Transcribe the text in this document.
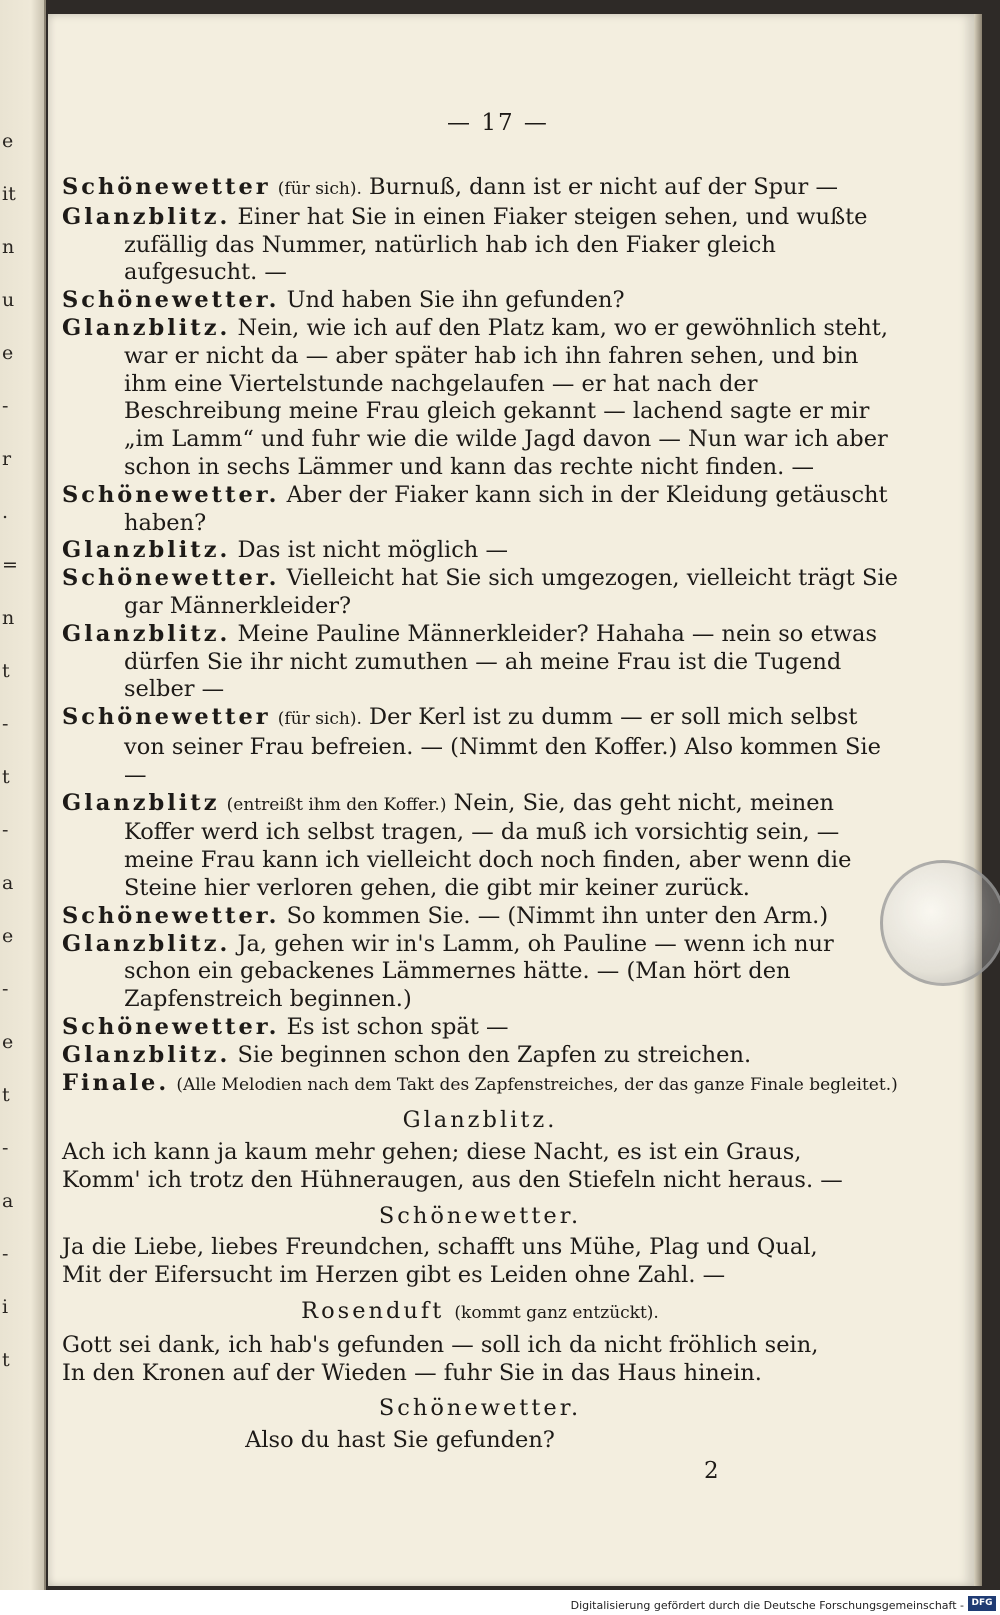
e
it
n
u
e
-
r
.
=
n
t
-
t
-
a
e
-
e
t
-
a
-
i
t
— 17 —

Schönewetter (für sich). Burnuß, dann ist er nicht auf der Spur —

Glanzblitz. Einer hat Sie in einen Fiaker steigen sehen, und wußte zufällig das Nummer, natürlich hab ich den Fiaker gleich aufgesucht. —

Schönewetter. Und haben Sie ihn gefunden?

Glanzblitz. Nein, wie ich auf den Platz kam, wo er gewöhnlich steht, war er nicht da — aber später hab ich ihn fahren sehen, und bin ihm eine Viertelstunde nachgelaufen — er hat nach der Beschreibung meine Frau gleich gekannt — lachend sagte er mir „im Lamm“ und fuhr wie die wilde Jagd davon — Nun war ich aber schon in sechs Lämmer und kann das rechte nicht finden. —

Schönewetter. Aber der Fiaker kann sich in der Kleidung getäuscht haben?

Glanzblitz. Das ist nicht möglich —

Schönewetter. Vielleicht hat Sie sich umgezogen, vielleicht trägt Sie gar Männerkleider?

Glanzblitz. Meine Pauline Männerkleider? Hahaha — nein so etwas dürfen Sie ihr nicht zumuthen — ah meine Frau ist die Tugend selber —

Schönewetter (für sich). Der Kerl ist zu dumm — er soll mich selbst von seiner Frau befreien. — (Nimmt den Koffer.) Also kommen Sie —

Glanzblitz (entreißt ihm den Koffer.) Nein, Sie, das geht nicht, meinen Koffer werd ich selbst tragen, — da muß ich vorsichtig sein, — meine Frau kann ich vielleicht doch noch finden, aber wenn die Steine hier verloren gehen, die gibt mir keiner zurück.

Schönewetter. So kommen Sie. — (Nimmt ihn unter den Arm.)

Glanzblitz. Ja, gehen wir in's Lamm, oh Pauline — wenn ich nur schon ein gebackenes Lämmernes hätte. — (Man hört den Zapfenstreich beginnen.)

Schönewetter. Es ist schon spät —

Glanzblitz. Sie beginnen schon den Zapfen zu streichen.

Finale. (Alle Melodien nach dem Takt des Zapfenstreiches, der das ganze Finale begleitet.)

Glanzblitz.

Ach ich kann ja kaum mehr gehen; diese Nacht, es ist ein Graus,

Komm' ich trotz den Hühneraugen, aus den Stiefeln nicht heraus. —

Schönewetter.

Ja die Liebe, liebes Freundchen, schafft uns Mühe, Plag und Qual,

Mit der Eifersucht im Herzen gibt es Leiden ohne Zahl. —

Rosenduft (kommt ganz entzückt).

Gott sei dank, ich hab's gefunden — soll ich da nicht fröhlich sein,

In den Kronen auf der Wieden — fuhr Sie in das Haus hinein.

Schönewetter.

Also du hast Sie gefunden?

2
Digitalisierung gefördert durch die Deutsche Forschungsgemeinschaft - DFG
